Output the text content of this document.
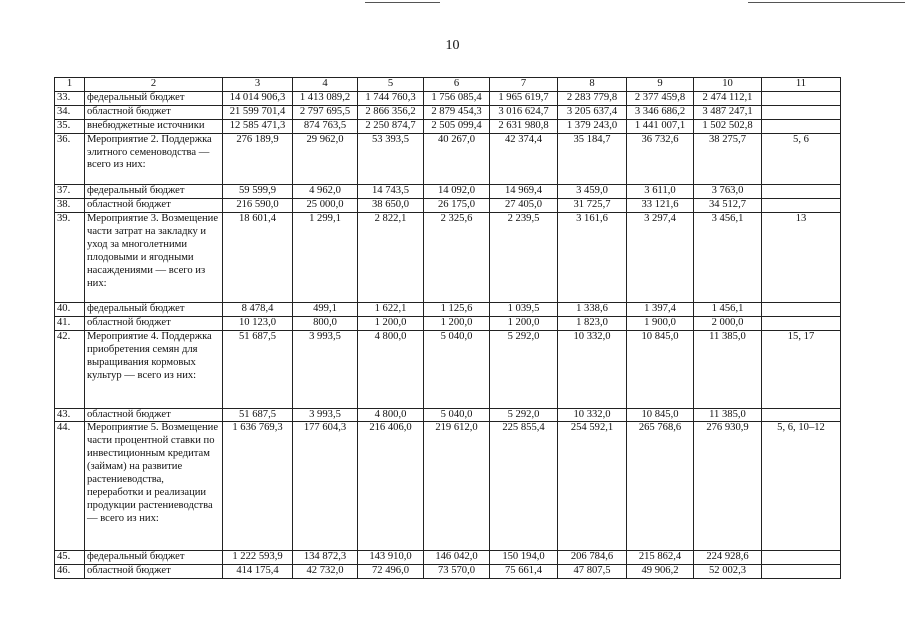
10
1	2	3	4	5	6	7	8	9	10	11
33.	федеральный бюджет	14 014 906,3	1 413 089,2	1 744 760,3	1 756 085,4	1 965 619,7	2 283 779,8	2 377 459,8	2 474 112,1	
34.	областной бюджет	21 599 701,4	2 797 695,5	2 866 356,2	2 879 454,3	3 016 624,7	3 205 637,4	3 346 686,2	3 487 247,1	
35.	внебюджетные источники	12 585 471,3	874 763,5	2 250 874,7	2 505 099,4	2 631 980,8	1 379 243,0	1 441 007,1	1 502 502,8	
36.	Мероприятие 2. Поддержка элитного семеноводства — всего из них:	276 189,9	29 962,0	53 393,5	40 267,0	42 374,4	35 184,7	36 732,6	38 275,7	5, 6
37.	федеральный бюджет	59 599,9	4 962,0	14 743,5	14 092,0	14 969,4	3 459,0	3 611,0	3 763,0	
38.	областной бюджет	216 590,0	25 000,0	38 650,0	26 175,0	27 405,0	31 725,7	33 121,6	34 512,7	
39.	Мероприятие 3. Возмещение части затрат на закладку и уход за многолетними плодовыми и ягодными насаждениями — всего из них:	18 601,4	1 299,1	2 822,1	2 325,6	2 239,5	3 161,6	3 297,4	3 456,1	13
40.	федеральный бюджет	8 478,4	499,1	1 622,1	1 125,6	1 039,5	1 338,6	1 397,4	1 456,1	
41.	областной бюджет	10 123,0	800,0	1 200,0	1 200,0	1 200,0	1 823,0	1 900,0	2 000,0	
42.	Мероприятие 4. Поддержка приобретения семян для выращивания кормовых культур — всего из них:	51 687,5	3 993,5	4 800,0	5 040,0	5 292,0	10 332,0	10 845,0	11 385,0	15, 17
43.	областной бюджет	51 687,5	3 993,5	4 800,0	5 040,0	5 292,0	10 332,0	10 845,0	11 385,0	
44.	Мероприятие 5. Возмещение части процентной ставки по инвестиционным кредитам (займам) на развитие растениеводства, переработки и реализации продукции растениеводства — всего из них:	1 636 769,3	177 604,3	216 406,0	219 612,0	225 855,4	254 592,1	265 768,6	276 930,9	5, 6, 10–12
45.	федеральный бюджет	1 222 593,9	134 872,3	143 910,0	146 042,0	150 194,0	206 784,6	215 862,4	224 928,6	
46.	областной бюджет	414 175,4	42 732,0	72 496,0	73 570,0	75 661,4	47 807,5	49 906,2	52 002,3	
